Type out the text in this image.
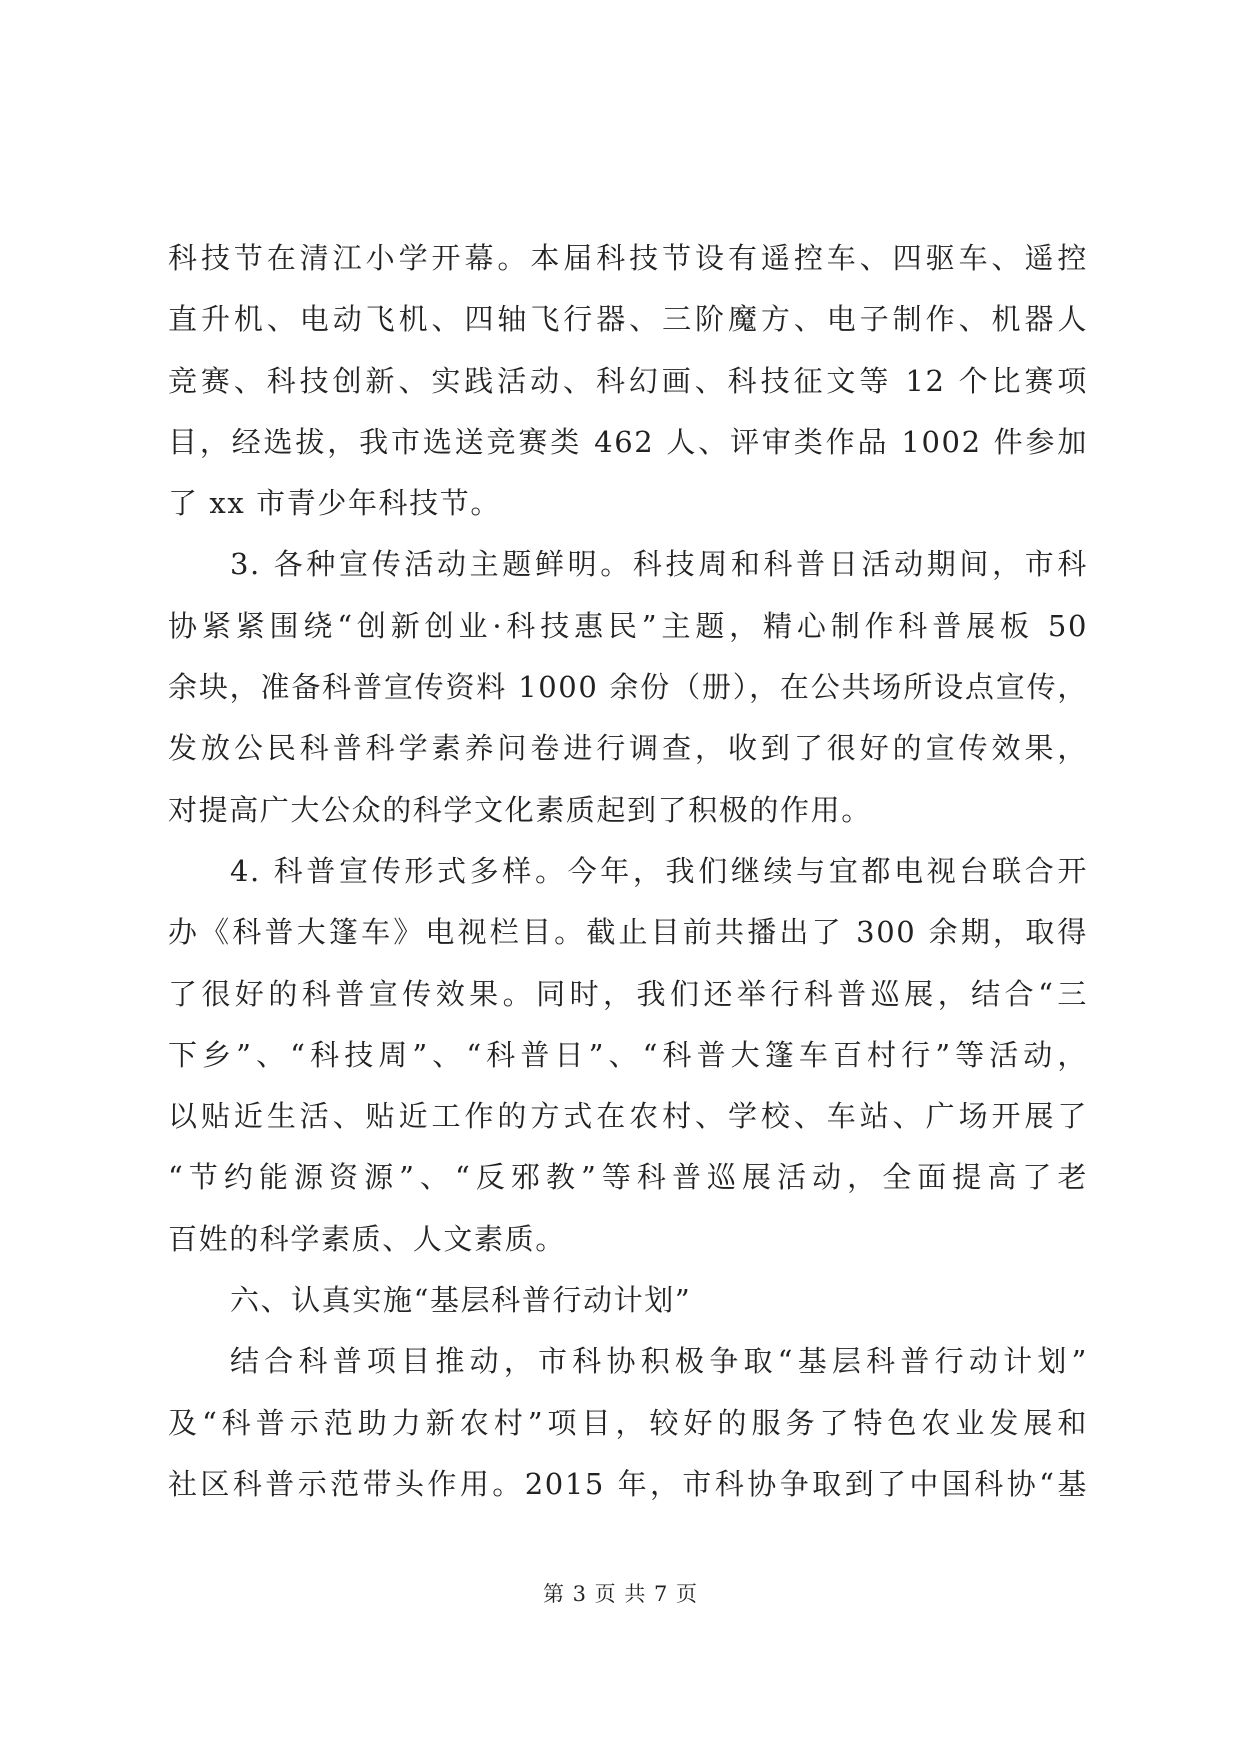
科技节在清江小学开幕。本届科技节设有遥控车、四驱车、遥控
直升机、电动飞机、四轴飞行器、三阶魔方、电子制作、机器人
竞赛、科技创新、实践活动、科幻画、科技征文等 12 个比赛项
目，经选拔，我市选送竞赛类 462 人、评审类作品 1002 件参加
了 xx 市青少年科技节。
3. 各种宣传活动主题鲜明。科技周和科普日活动期间，市科
协紧紧围绕“创新创业·科技惠民”主题，精心制作科普展板 50
余块，准备科普宣传资料 1000 余份（册），在公共场所设点宣传，
发放公民科普科学素养问卷进行调查，收到了很好的宣传效果，
对提高广大公众的科学文化素质起到了积极的作用。
4. 科普宣传形式多样。今年，我们继续与宜都电视台联合开
办《科普大篷车》电视栏目。截止目前共播出了 300 余期，取得
了很好的科普宣传效果。同时，我们还举行科普巡展，结合“三
下乡”、“科技周”、“科普日”、“科普大篷车百村行”等活动，
以贴近生活、贴近工作的方式在农村、学校、车站、广场开展了
“节约能源资源”、“反邪教”等科普巡展活动，全面提高了老
百姓的科学素质、人文素质。
六、认真实施“基层科普行动计划”
结合科普项目推动，市科协积极争取“基层科普行动计划”
及“科普示范助力新农村”项目，较好的服务了特色农业发展和
社区科普示范带头作用。2015 年，市科协争取到了中国科协“基
第 3 页 共 7 页
